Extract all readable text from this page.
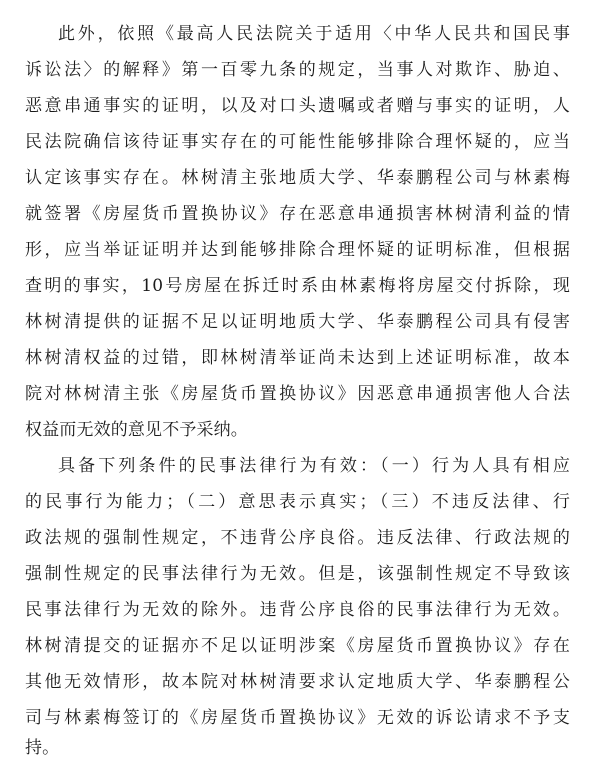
此外，依照《最高人民法院关于适用〈中华人民共和国民事
诉讼法〉的解释》第一百零九条的规定，当事人对欺诈、胁迫、
恶意串通事实的证明，以及对口头遗嘱或者赠与事实的证明，人
民法院确信该待证事实存在的可能性能够排除合理怀疑的，应当
认定该事实存在。林树清主张地质大学、华泰鹏程公司与林素梅
就签署《房屋货币置换协议》存在恶意串通损害林树清利益的情
形，应当举证证明并达到能够排除合理怀疑的证明标准，但根据
查明的事实，10号房屋在拆迁时系由林素梅将房屋交付拆除，现
林树清提供的证据不足以证明地质大学、华泰鹏程公司具有侵害
林树清权益的过错，即林树清举证尚未达到上述证明标准，故本
院对林树清主张《房屋货币置换协议》因恶意串通损害他人合法
权益而无效的意见不予采纳。
具备下列条件的民事法律行为有效：（一）行为人具有相应
的民事行为能力；（二）意思表示真实；（三）不违反法律、行
政法规的强制性规定，不违背公序良俗。违反法律、行政法规的
强制性规定的民事法律行为无效。但是，该强制性规定不导致该
民事法律行为无效的除外。违背公序良俗的民事法律行为无效。
林树清提交的证据亦不足以证明涉案《房屋货币置换协议》存在
其他无效情形，故本院对林树清要求认定地质大学、华泰鹏程公
司与林素梅签订的《房屋货币置换协议》无效的诉讼请求不予支
持。
